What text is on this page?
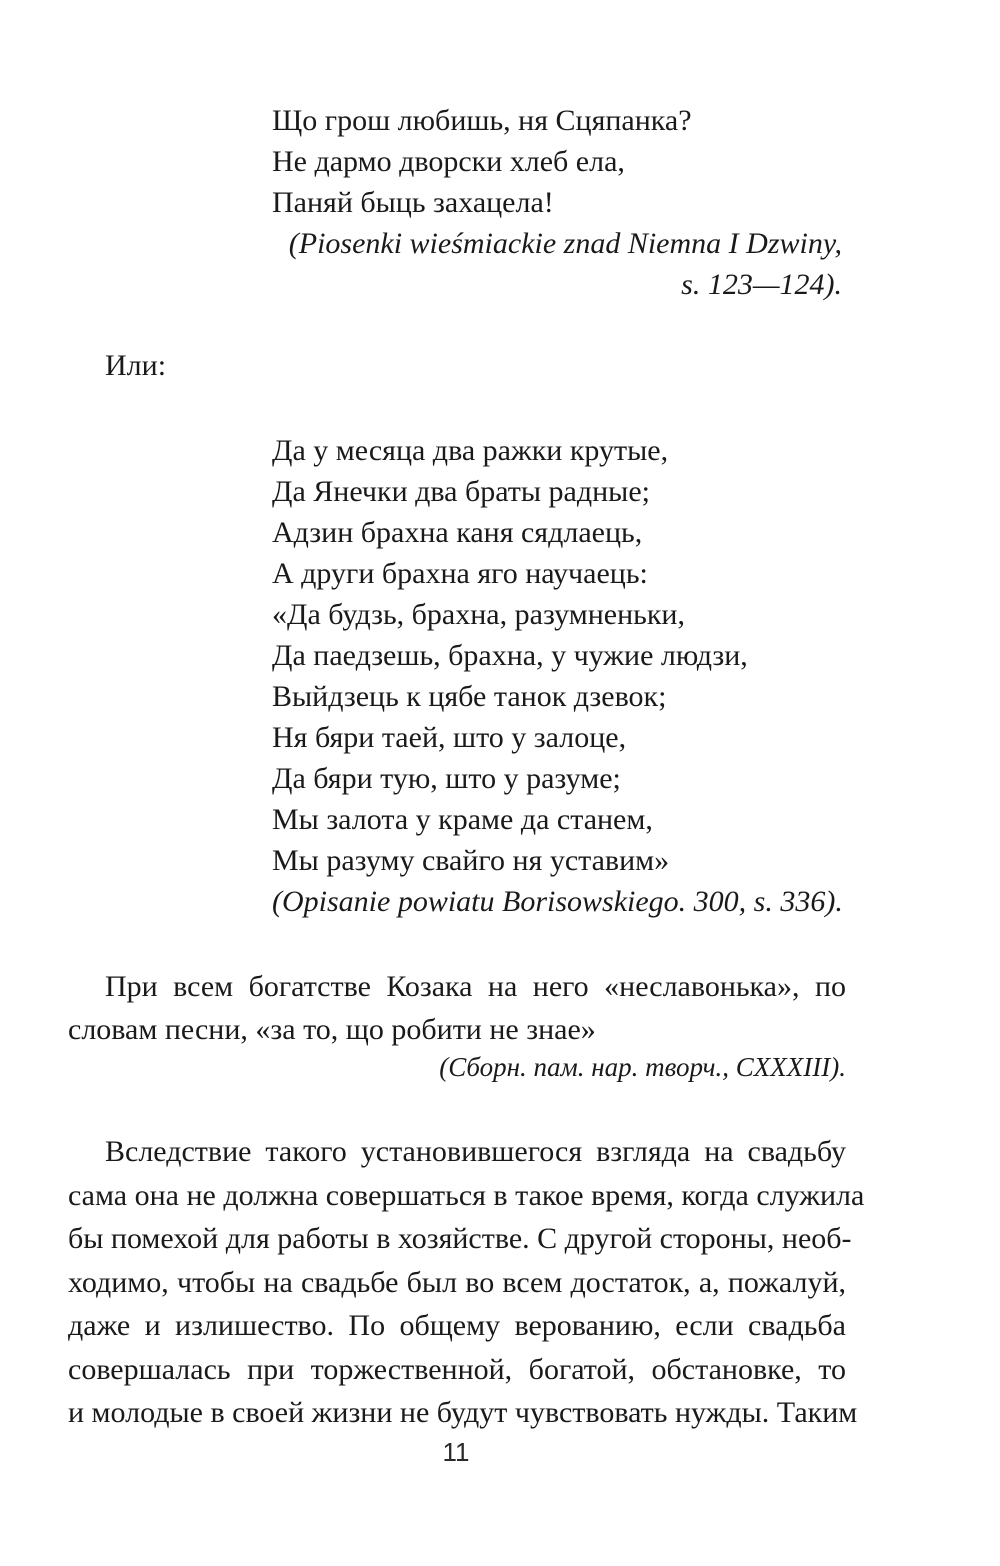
Що грош любишь, ня Сцяпанка?
Не дармо дворски хлеб ела,
Паняй быць захацела!
(Piosenki wieśmiackie znad Niemna I Dzwiny,
s. 123—124).
Или:
Да у месяца два ражки крутые,
Да Янечки два браты радные;
Адзин брахна каня сядлаець,
А други брахна яго научаець:
«Да будзь, брахна, разумненьки,
Да паедзешь, брахна, у чужие людзи,
Выйдзець к цябе танок дзевок;
Ня бяри таей, што у залоце,
Да бяри тую, што у разуме;
Мы залота у краме да станем,
Мы разуму свайго ня уставим»
(Opisanie powiatu Borisowskiego. 300, s. 336).
При всем богатстве Козака на него «неславонька», по
словам песни, «за то, що робити не знае»
(Сборн. пам. нар. творч., CXXXIII).
Вследствие такого установившегося взгляда на свадьбу
сама она не должна совершаться в такое время, когда служила
бы помехой для работы в хозяйстве. С другой стороны, необ-
ходимо, чтобы на свадьбе был во всем достаток, а, пожалуй,
даже и излишество. По общему верованию, если свадьба
совершалась при торжественной, богатой, обстановке, то
и молодые в своей жизни не будут чувствовать нужды. Таким
11
